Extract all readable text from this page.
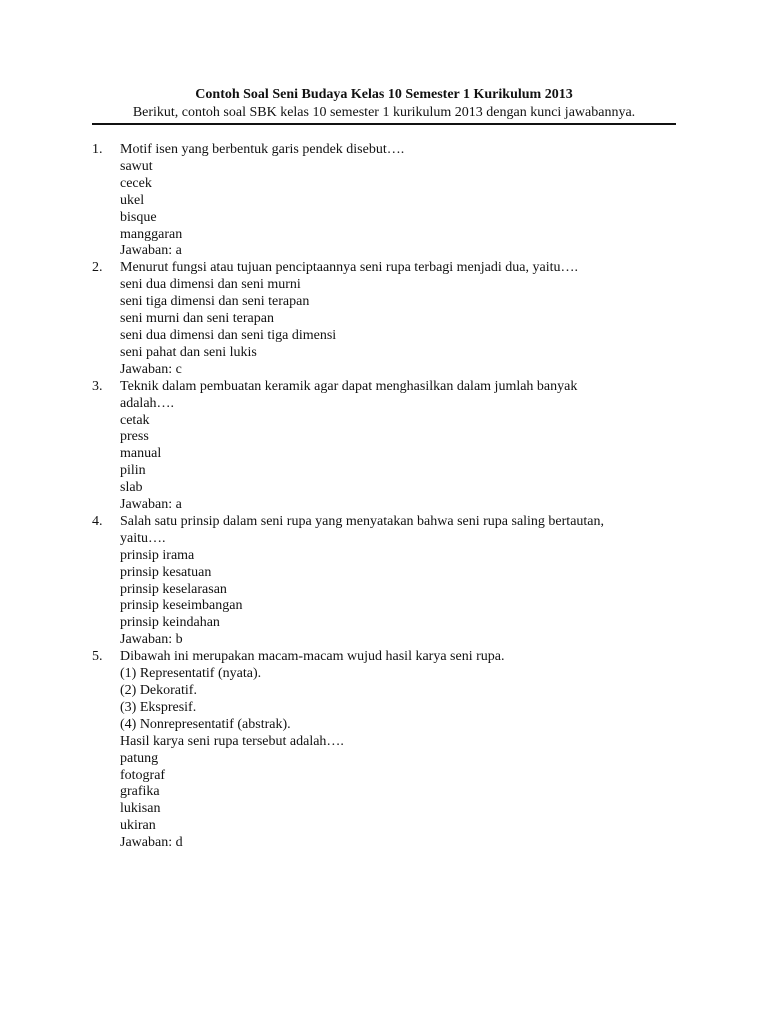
Contoh Soal Seni Budaya Kelas 10 Semester 1 Kurikulum 2013
Berikut, contoh soal SBK kelas 10 semester 1 kurikulum 2013 dengan kunci jawabannya.
1. Motif isen yang berbentuk garis pendek disebut….
sawut
cecek
ukel
bisque
manggaran
Jawaban: a
2. Menurut fungsi atau tujuan penciptaannya seni rupa terbagi menjadi dua, yaitu….
seni dua dimensi dan seni murni
seni tiga dimensi dan seni terapan
seni murni dan seni terapan
seni dua dimensi dan seni tiga dimensi
seni pahat dan seni lukis
Jawaban: c
3. Teknik dalam pembuatan keramik agar dapat menghasilkan dalam jumlah banyak
adalah….
cetak
press
manual
pilin
slab
Jawaban: a
4. Salah satu prinsip dalam seni rupa yang menyatakan bahwa seni rupa saling bertautan,
yaitu….
prinsip irama
prinsip kesatuan
prinsip keselarasan
prinsip keseimbangan
prinsip keindahan
Jawaban: b
5. Dibawah ini merupakan macam-macam wujud hasil karya seni rupa.
(1) Representatif (nyata).
(2) Dekoratif.
(3) Ekspresif.
(4) Nonrepresentatif (abstrak).
Hasil karya seni rupa tersebut adalah….
patung
fotograf
grafika
lukisan
ukiran
Jawaban: d
